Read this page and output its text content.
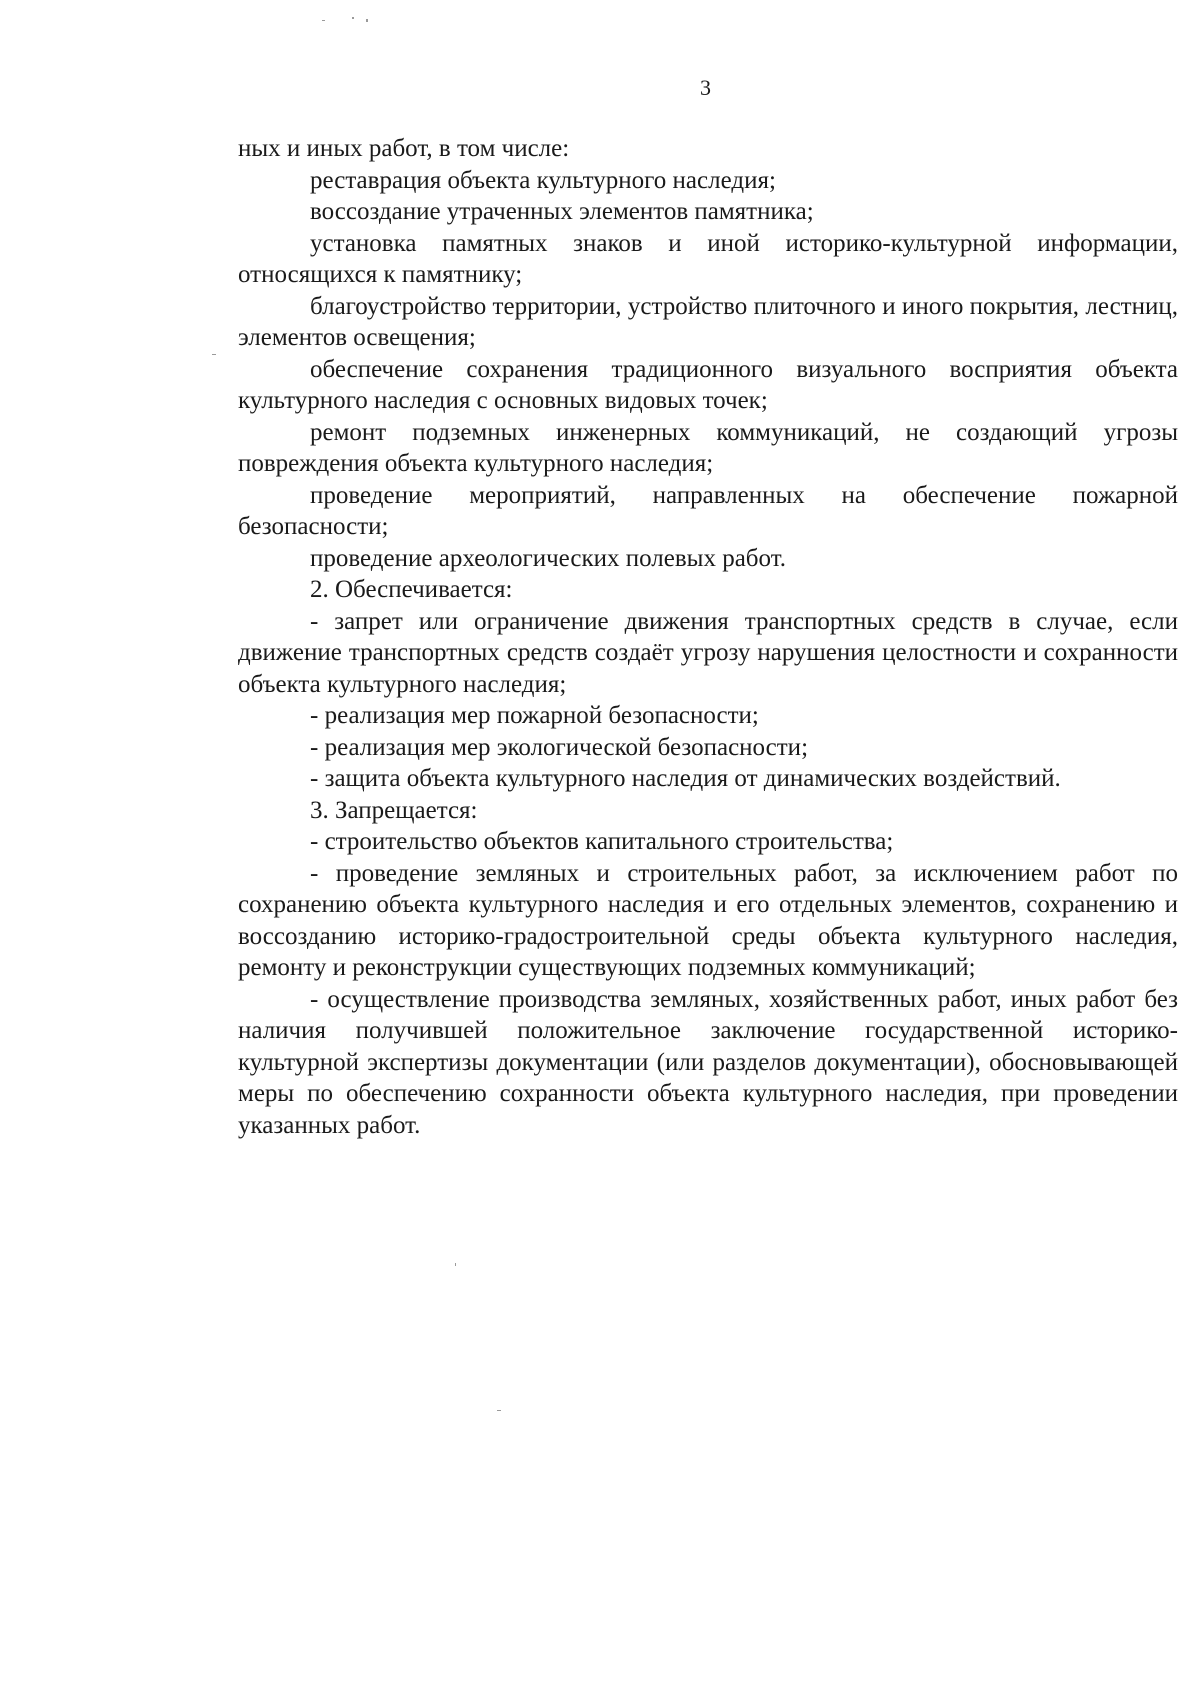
3

ных и иных работ, в том числе:

реставрация объекта культурного наследия;

воссоздание утраченных элементов памятника;

установка памятных знаков и иной историко-культурной информации, относящихся к памятнику;

благоустройство территории, устройство плиточного и иного покрытия, лестниц, элементов освещения;

обеспечение сохранения традиционного визуального восприятия объекта культурного наследия с основных видовых точек;

ремонт подземных инженерных коммуникаций, не создающий угрозы повреждения объекта культурного наследия;

проведение мероприятий, направленных на обеспечение пожарной безопасности;

проведение археологических полевых работ.

2. Обеспечивается:

- запрет или ограничение движения транспортных средств в случае, если движение транспортных средств создаёт угрозу нарушения целостности и сохранности объекта культурного наследия;

- реализация мер пожарной безопасности;

- реализация мер экологической безопасности;

- защита объекта культурного наследия от динамических воздействий.

3. Запрещается:

- строительство объектов капитального строительства;

- проведение земляных и строительных работ, за исключением работ по сохранению объекта культурного наследия и его отдельных элементов, сохранению и воссозданию историко-градостроительной среды объекта культурного наследия, ремонту и реконструкции существующих подземных коммуникаций;

- осуществление производства земляных, хозяйственных работ, иных работ без наличия получившей положительное заключение государственной историко-культурной экспертизы документации (или разделов документации), обосновывающей меры по обеспечению сохранности объекта культурного наследия, при проведении указанных работ.
